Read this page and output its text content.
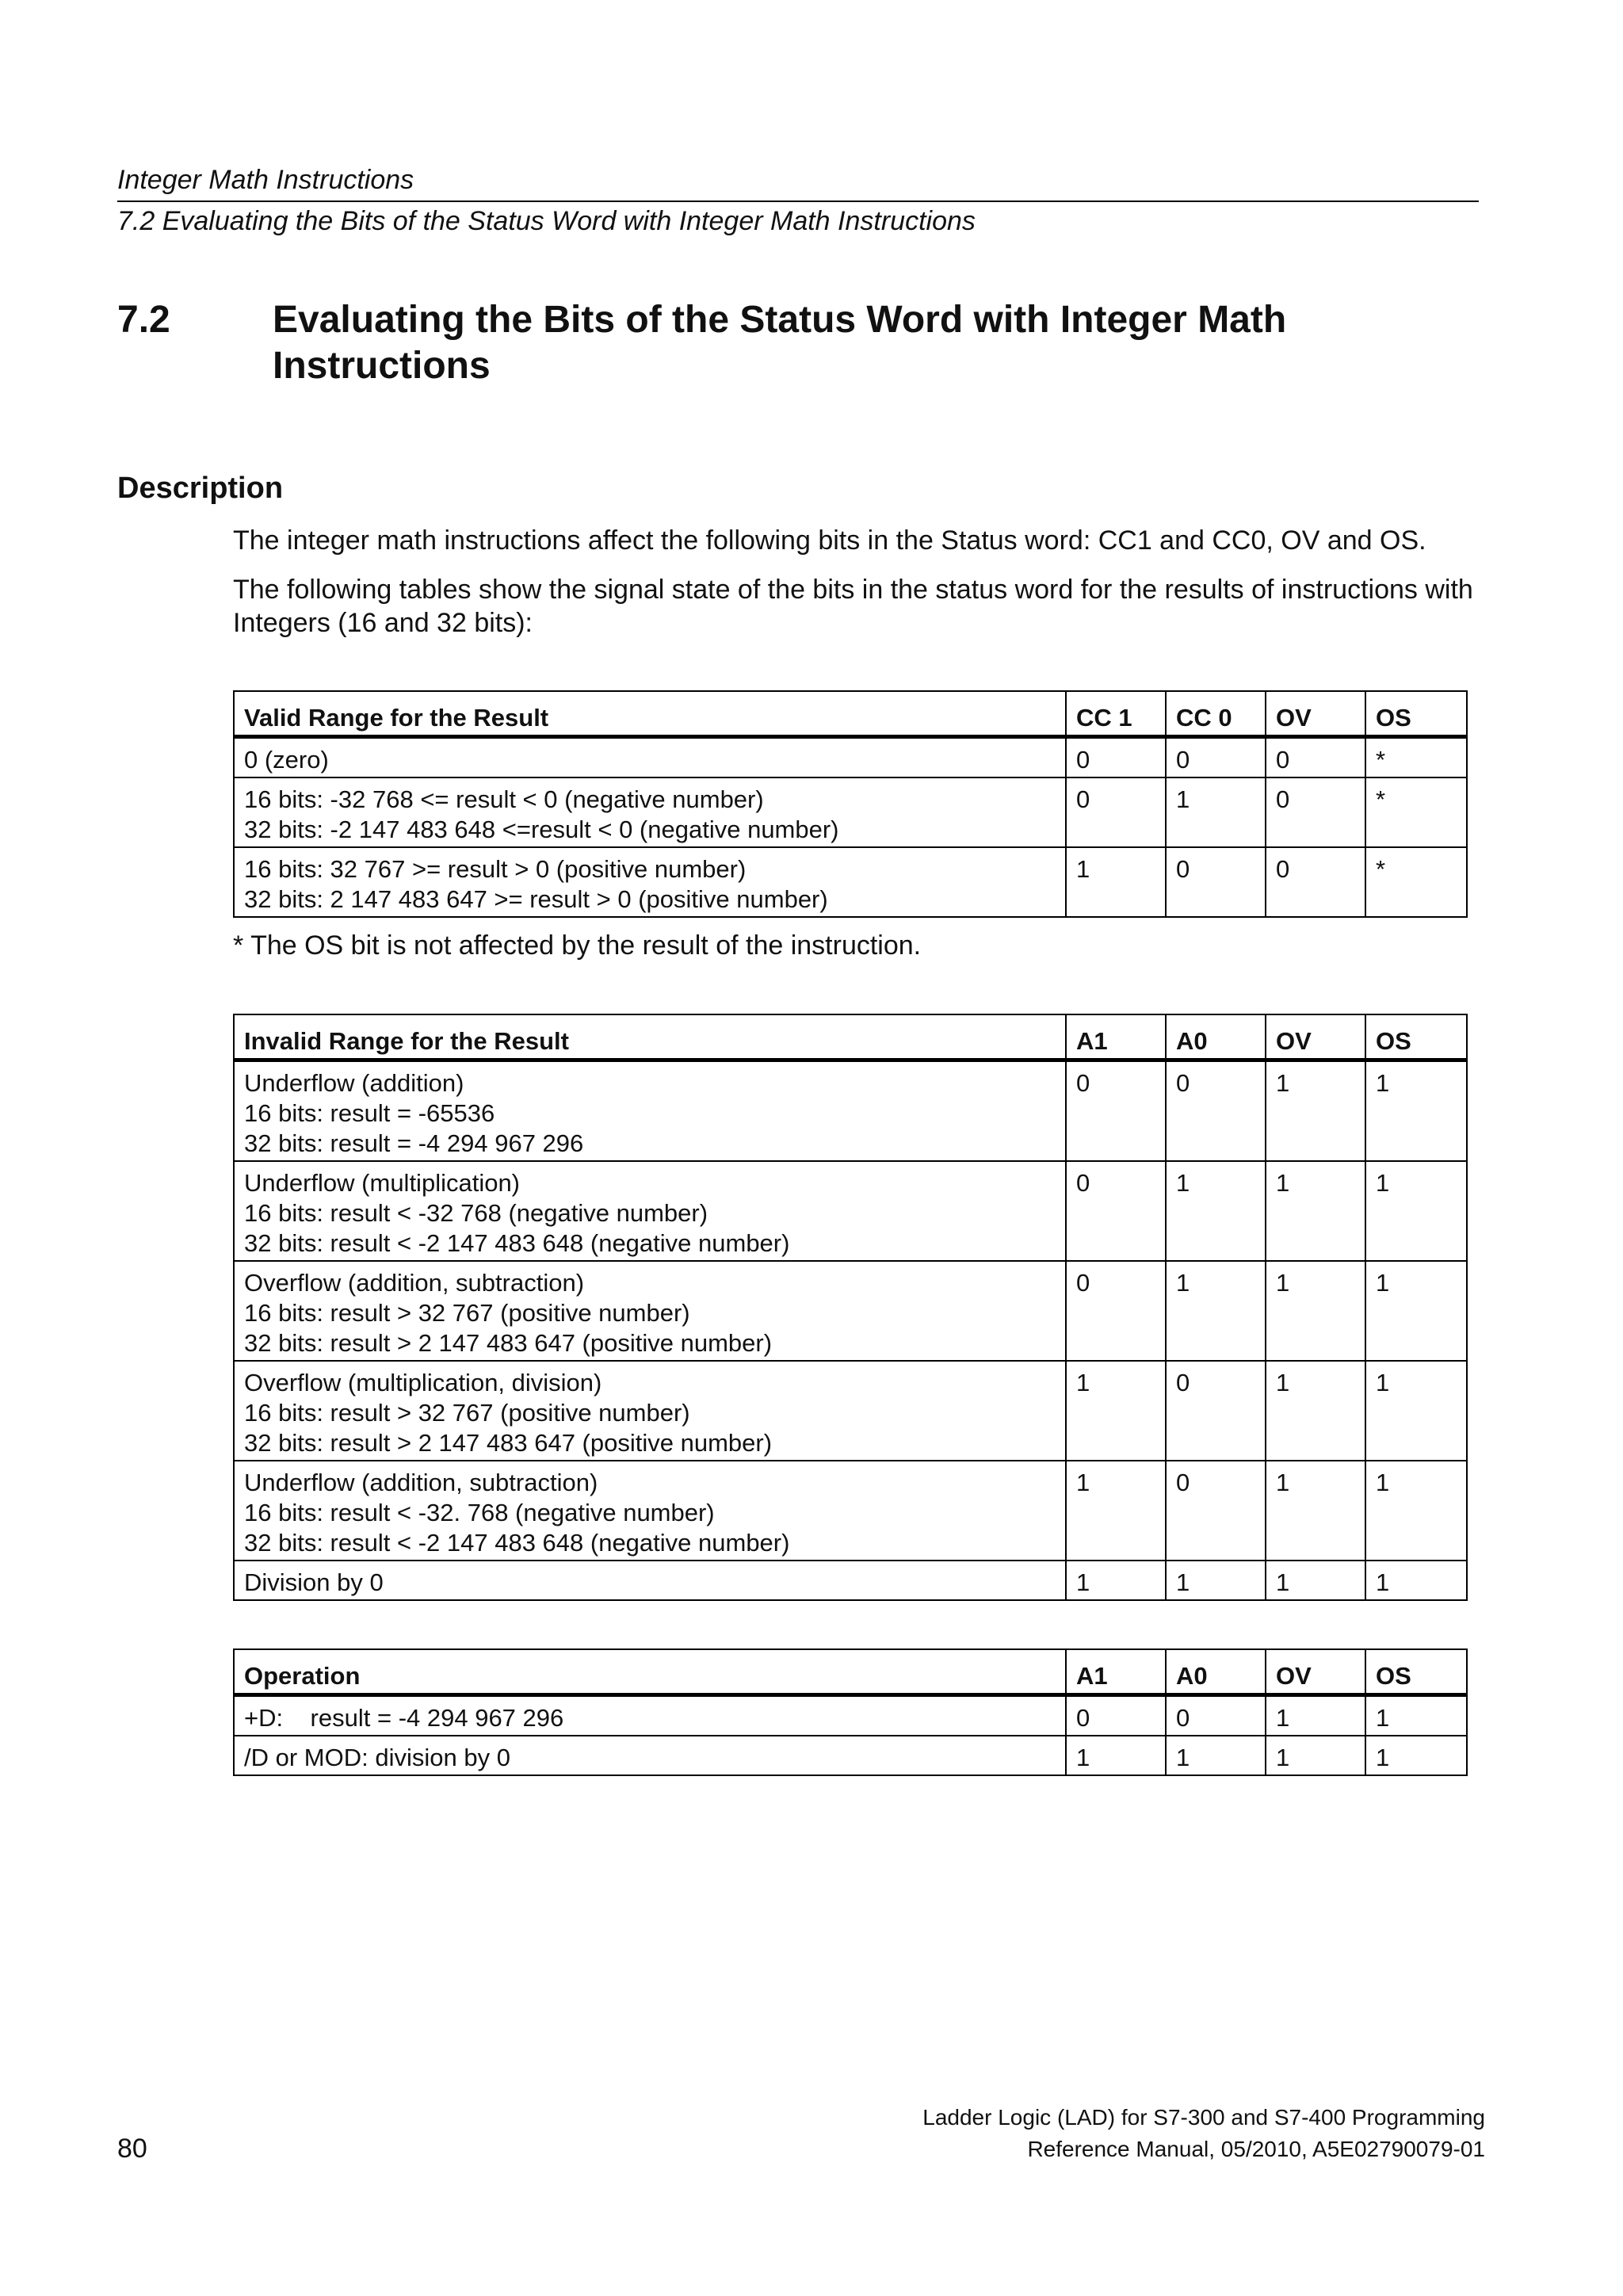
Integer Math Instructions
7.2 Evaluating the Bits of the Status Word with Integer Math Instructions
7.2	Evaluating the Bits of the Status Word with Integer Math Instructions
Description
The integer math instructions affect the following bits in the Status word: CC1 and CC0, OV and OS.
The following tables show the signal state of the bits in the status word for the results of instructions with Integers (16 and 32 bits):
Valid Range for the Result	CC 1	CC 0	OV	OS

0 (zero)	0	0	0	*

16 bits: -32 768 <= result < 0 (negative number)
32 bits: -2 147 483 648 <=result < 0 (negative number)	0	1	0	*

16 bits: 32 767 >= result > 0 (positive number)
32 bits: 2 147 483 647 >= result > 0 (positive number)	1	0	0	*
* The OS bit is not affected by the result of the instruction.
Invalid Range for the Result	A1	A0	OV	OS

Underflow (addition)
16 bits: result = -65536
32 bits: result = -4 294 967 296	0	0	1	1

Underflow (multiplication)
16 bits: result < -32 768 (negative number)
32 bits: result < -2 147 483 648 (negative number)	0	1	1	1

Overflow (addition, subtraction)
16 bits: result > 32 767 (positive number)
32 bits: result > 2 147 483 647 (positive number)	0	1	1	1

Overflow (multiplication, division)
16 bits: result > 32 767 (positive number)
32 bits: result > 2 147 483 647 (positive number)	1	0	1	1

Underflow (addition, subtraction)
16 bits: result < -32. 768 (negative number)
32 bits: result < -2 147 483 648 (negative number)	1	0	1	1

Division by 0	1	1	1	1
Operation	A1	A0	OV	OS

+D:    result = -4 294 967 296	0	0	1	1

/D or MOD: division by 0	1	1	1	1
80
Ladder Logic (LAD) for S7-300 and S7-400 Programming
Reference Manual, 05/2010, A5E02790079-01
